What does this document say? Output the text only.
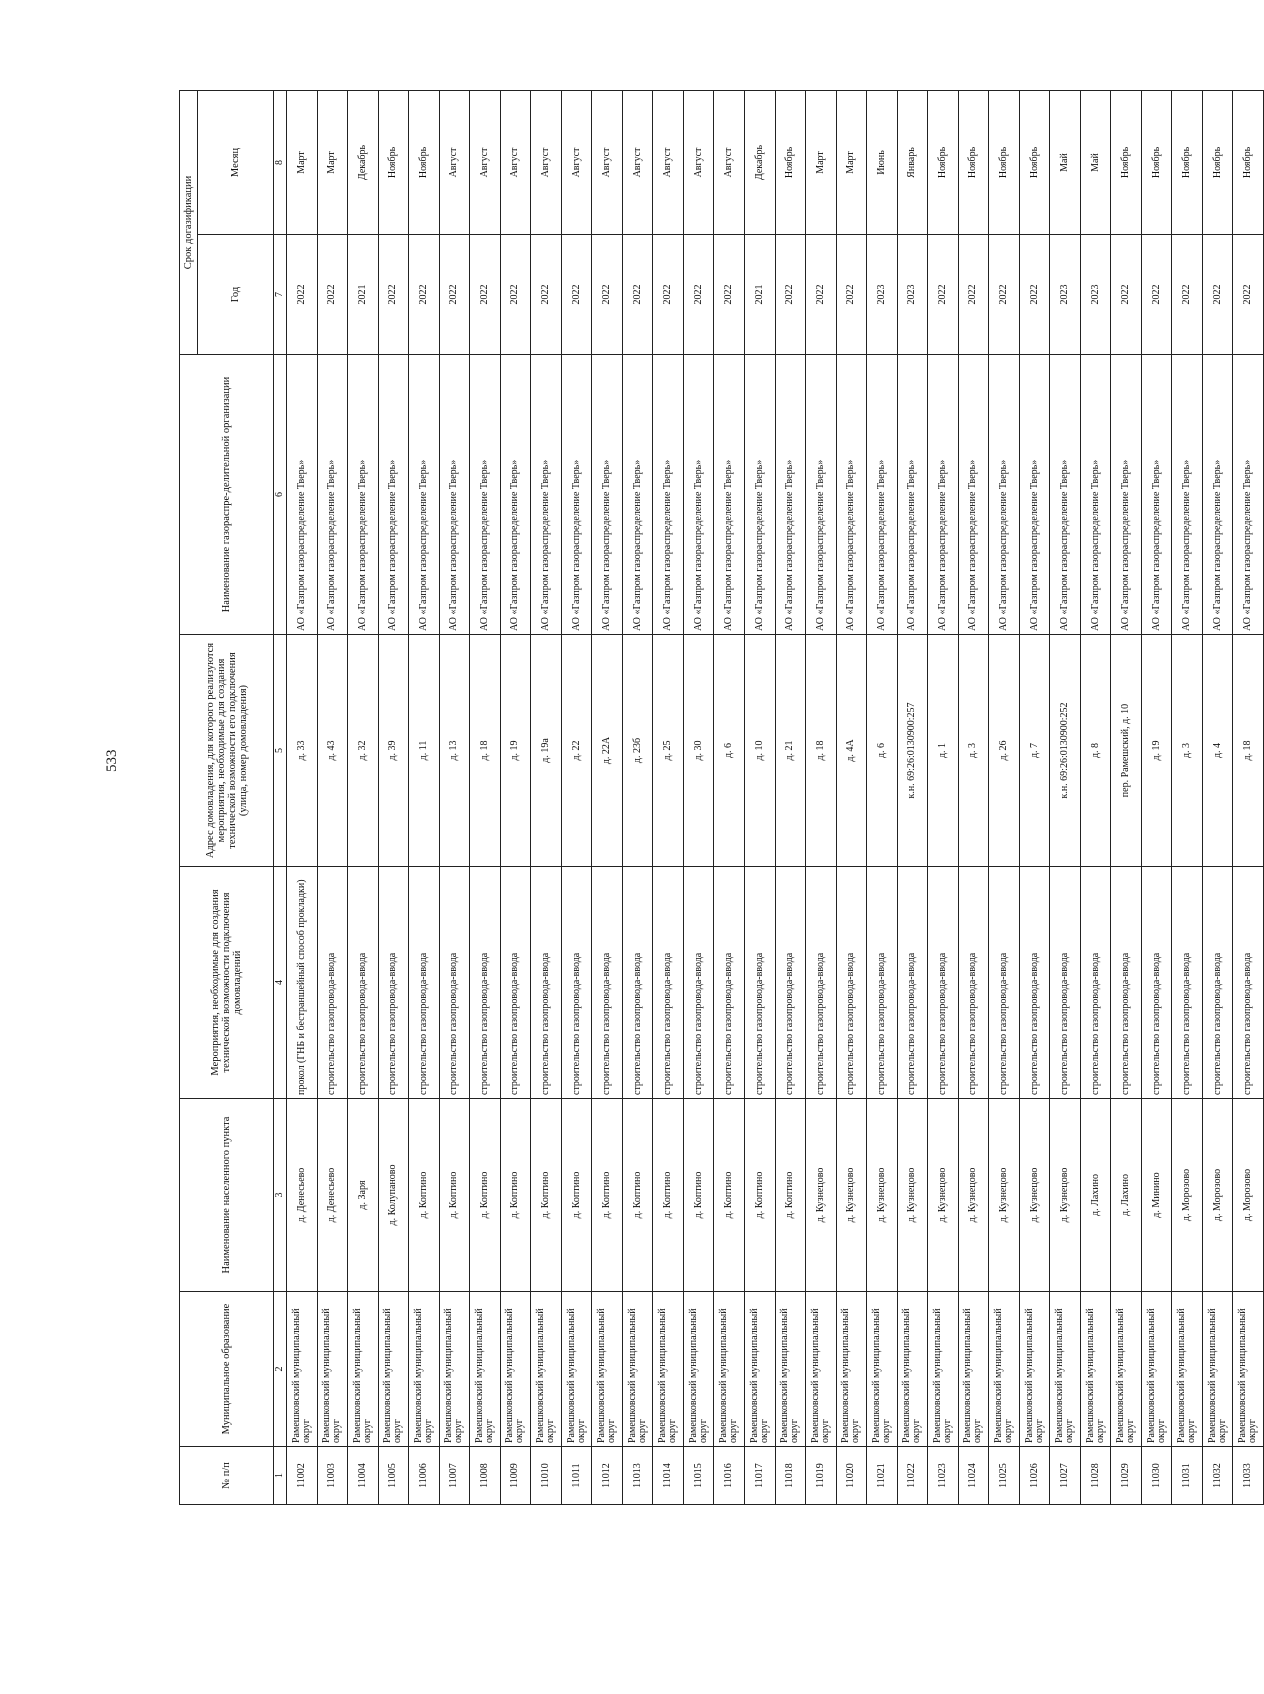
533
№ п/п	Муниципальное образование	Наименование населенного пункта	Мероприятия, необходимые для создания технической возможности подключения домовладений	Адрес домовладения, для которого реализуются мероприятия, необходимые для создания технической возможности его подключения (улица, номер домовладения)	Наименование газораспре-делительной организации	Срок догазификации	
						Год	Месяц
1	2	3	4	5	6	7	8
11002	Рамешковский муниципальный округ	д. Денесьево	прокол (ГНБ и бестраншейный способ прокладки)	д. 33	АО «Газпром газораспределение Тверь»	2022	Март
11003	Рамешковский муниципальный округ	д. Денесьево	строительство газопровода-ввода	д. 43	АО «Газпром газораспределение Тверь»	2022	Март
11004	Рамешковский муниципальный округ	д. Заря	строительство газопровода-ввода	д. 32	АО «Газпром газораспределение Тверь»	2021	Декабрь
11005	Рамешковский муниципальный округ	д. Колупаново	строительство газопровода-ввода	д. 39	АО «Газпром газораспределение Тверь»	2022	Ноябрь
11006	Рамешковский муниципальный округ	д. Коптино	строительство газопровода-ввода	д. 11	АО «Газпром газораспределение Тверь»	2022	Ноябрь
11007	Рамешковский муниципальный округ	д. Коптино	строительство газопровода-ввода	д. 13	АО «Газпром газораспределение Тверь»	2022	Август
11008	Рамешковский муниципальный округ	д. Коптино	строительство газопровода-ввода	д. 18	АО «Газпром газораспределение Тверь»	2022	Август
11009	Рамешковский муниципальный округ	д. Коптино	строительство газопровода-ввода	д. 19	АО «Газпром газораспределение Тверь»	2022	Август
11010	Рамешковский муниципальный округ	д. Коптино	строительство газопровода-ввода	д. 19а	АО «Газпром газораспределение Тверь»	2022	Август
11011	Рамешковский муниципальный округ	д. Коптино	строительство газопровода-ввода	д. 22	АО «Газпром газораспределение Тверь»	2022	Август
11012	Рамешковский муниципальный округ	д. Коптино	строительство газопровода-ввода	д. 22А	АО «Газпром газораспределение Тверь»	2022	Август
11013	Рамешковский муниципальный округ	д. Коптино	строительство газопровода-ввода	д. 23б	АО «Газпром газораспределение Тверь»	2022	Август
11014	Рамешковский муниципальный округ	д. Коптино	строительство газопровода-ввода	д. 25	АО «Газпром газораспределение Тверь»	2022	Август
11015	Рамешковский муниципальный округ	д. Коптино	строительство газопровода-ввода	д. 30	АО «Газпром газораспределение Тверь»	2022	Август
11016	Рамешковский муниципальный округ	д. Коптино	строительство газопровода-ввода	д. 6	АО «Газпром газораспределение Тверь»	2022	Август
11017	Рамешковский муниципальный округ	д. Коптино	строительство газопровода-ввода	д. 10	АО «Газпром газораспределение Тверь»	2021	Декабрь
11018	Рамешковский муниципальный округ	д. Коптино	строительство газопровода-ввода	д. 21	АО «Газпром газораспределение Тверь»	2022	Ноябрь
11019	Рамешковский муниципальный округ	д. Кузнецово	строительство газопровода-ввода	д. 18	АО «Газпром газораспределение Тверь»	2022	Март
11020	Рамешковский муниципальный округ	д. Кузнецово	строительство газопровода-ввода	д. 4А	АО «Газпром газораспределение Тверь»	2022	Март
11021	Рамешковский муниципальный округ	д. Кузнецово	строительство газопровода-ввода	д. 6	АО «Газпром газораспределение Тверь»	2023	Июнь
11022	Рамешковский муниципальный округ	д. Кузнецово	строительство газопровода-ввода	к.н. 69:26:0130900:257	АО «Газпром газораспределение Тверь»	2023	Январь
11023	Рамешковский муниципальный округ	д. Кузнецово	строительство газопровода-ввода	д. 1	АО «Газпром газораспределение Тверь»	2022	Ноябрь
11024	Рамешковский муниципальный округ	д. Кузнецово	строительство газопровода-ввода	д. 3	АО «Газпром газораспределение Тверь»	2022	Ноябрь
11025	Рамешковский муниципальный округ	д. Кузнецово	строительство газопровода-ввода	д. 26	АО «Газпром газораспределение Тверь»	2022	Ноябрь
11026	Рамешковский муниципальный округ	д. Кузнецово	строительство газопровода-ввода	д. 7	АО «Газпром газораспределение Тверь»	2022	Ноябрь
11027	Рамешковский муниципальный округ	д. Кузнецово	строительство газопровода-ввода	к.н. 69:26:0130900:252	АО «Газпром газораспределение Тверь»	2023	Май
11028	Рамешковский муниципальный округ	д. Лахино	строительство газопровода-ввода	д. 8	АО «Газпром газораспределение Тверь»	2023	Май
11029	Рамешковский муниципальный округ	д. Лахино	строительство газопровода-ввода	пер. Рамешский, д. 10	АО «Газпром газораспределение Тверь»	2022	Ноябрь
11030	Рамешковский муниципальный округ	д. Минино	строительство газопровода-ввода	д. 19	АО «Газпром газораспределение Тверь»	2022	Ноябрь
11031	Рамешковский муниципальный округ	д. Морозово	строительство газопровода-ввода	д. 3	АО «Газпром газораспределение Тверь»	2022	Ноябрь
11032	Рамешковский муниципальный округ	д. Морозово	строительство газопровода-ввода	д. 4	АО «Газпром газораспределение Тверь»	2022	Ноябрь
11033	Рамешковский муниципальный округ	д. Морозово	строительство газопровода-ввода	д. 18	АО «Газпром газораспределение Тверь»	2022	Ноябрь
